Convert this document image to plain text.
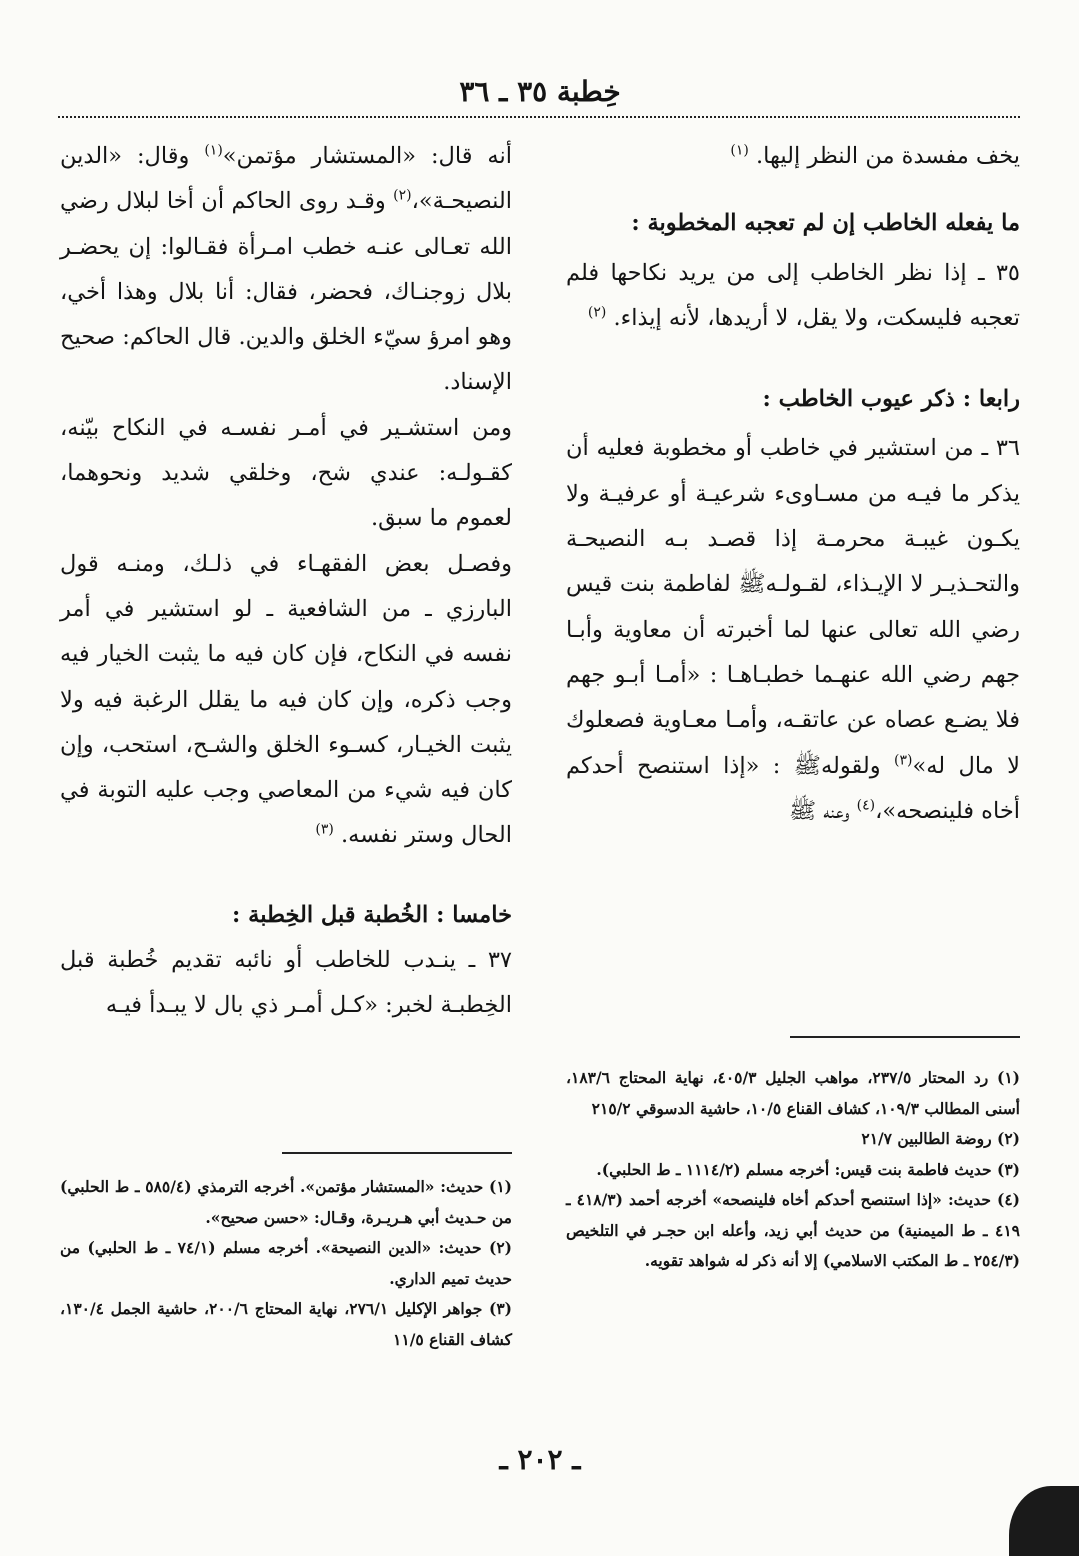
خِطبة ٣٥ ـ ٣٦

يخف مفسدة من النظر إليها. $^{(١)}$

ما يفعله الخاطب إن لم تعجبه المخطوبة :

٣٥ ـ إذا نظر الخاطب إلى من يريد نكاحها فلم تعجبه فليسكت، ولا يقل، لا أريدها، لأنه إيذاء. $^{(٢)}$

رابعا : ذكر عيوب الخاطب :

٣٦ ـ من استشير في خاطب أو مخطوبة فعليه أن يذكر ما فيـه من مسـاوىء شرعيـة أو عرفيـة ولا يكـون غيبـة محرمـة إذا قصـد بـه النصيحـة والتحـذيـر لا الإيـذاء، لقـولـهﷺ لفاطمة بنت قيس رضي الله تعالى عنها لما أخبرته أن معاوية وأبـا جهم رضي الله عنهـما خطبـاهـا : «أمـا أبـو جهم فلا يضـع عصاه عن عاتقـه، وأمـا معـاوية فصعلوك لا مال له»$^{(٣)}$ ولقولهﷺ : «إذا استنصح أحدكم أخاه فلينصحه»،$^{(٤)}$ وعنه ﷺ

أنه قال: «المستشار مؤتمن»$^{(١)}$ وقال: «الدين النصيحـة»،$^{(٢)}$ وقـد روى الحاكم أن أخا لبلال رضي الله تعـالى عنـه خطب امـرأة فقـالوا: إن يحضـر بلال زوجنـاك، فحضر، فقال: أنا بلال وهذا أخي، وهو امرؤ سيّء الخلق والدين. قال الحاكم: صحيح الإسناد.

ومن استشـير في أمـر نفسـه في النكاح بيّنه، كقـولـه: عندي شح، وخلقي شديد ونحوهما، لعموم ما سبق.

وفصـل بعض الفقهـاء في ذلـك، ومنـه قول البارزي ـ من الشافعية ـ لو استشير في أمر نفسه في النكاح، فإن كان فيه ما يثبت الخيار فيه وجب ذكره، وإن كان فيه ما يقلل الرغبة فيه ولا يثبت الخيـار، كسـوء الخلق والشـح، استحب، وإن كان فيه شيء من المعاصي وجب عليه التوبة في الحال وستر نفسه. $^{(٣)}$

خامسا : الخُطبة قبل الخِطبة :

٣٧ ـ ينـدب للخاطب أو نائبه تقديم خُطبة قبل الخِطبـة لخبر: «كـل أمـر ذي بال لا يبـدأ فيـه

(١) رد المحتار ٢٣٧/٥، مواهب الجليل ٤٠٥/٣، نهاية المحتاج ١٨٣/٦، أسنى المطالب ١٠٩/٣، كشاف القناع ١٠/٥، حاشية الدسوقي ٢١٥/٢

(٢) روضة الطالبين ٢١/٧

(٣) حديث فاطمة بنت قيس: أخرجه مسلم (١١١٤/٢ ـ ط الحلبي).

(٤) حديث: «إذا استنصح أحدكم أخاه فلينصحه» أخرجه أحمد (٤١٨/٣ ـ ٤١٩ ـ ط الميمنية) من حديث أبي زيد، وأعله ابن حجـر في التلخيص (٢٥٤/٣ ـ ط المكتب الاسلامي) إلا أنه ذكر له شواهد تقويه.

(١) حديث: «المستشار مؤتمن». أخرجه الترمذي (٥٨٥/٤ ـ ط الحلبي) من حـديث أبي هـريـرة، وقـال: «حسن صحيح».

(٢) حديث: «الدين النصيحة». أخرجه مسلم (٧٤/١ ـ ط الحلبي) من حديث تميم الداري.

(٣) جواهر الإكليل ٢٧٦/١، نهاية المحتاج ٢٠٠/٦، حاشية الجمل ١٣٠/٤، كشاف القناع ١١/٥

ـ ٢٠٢ ـ
